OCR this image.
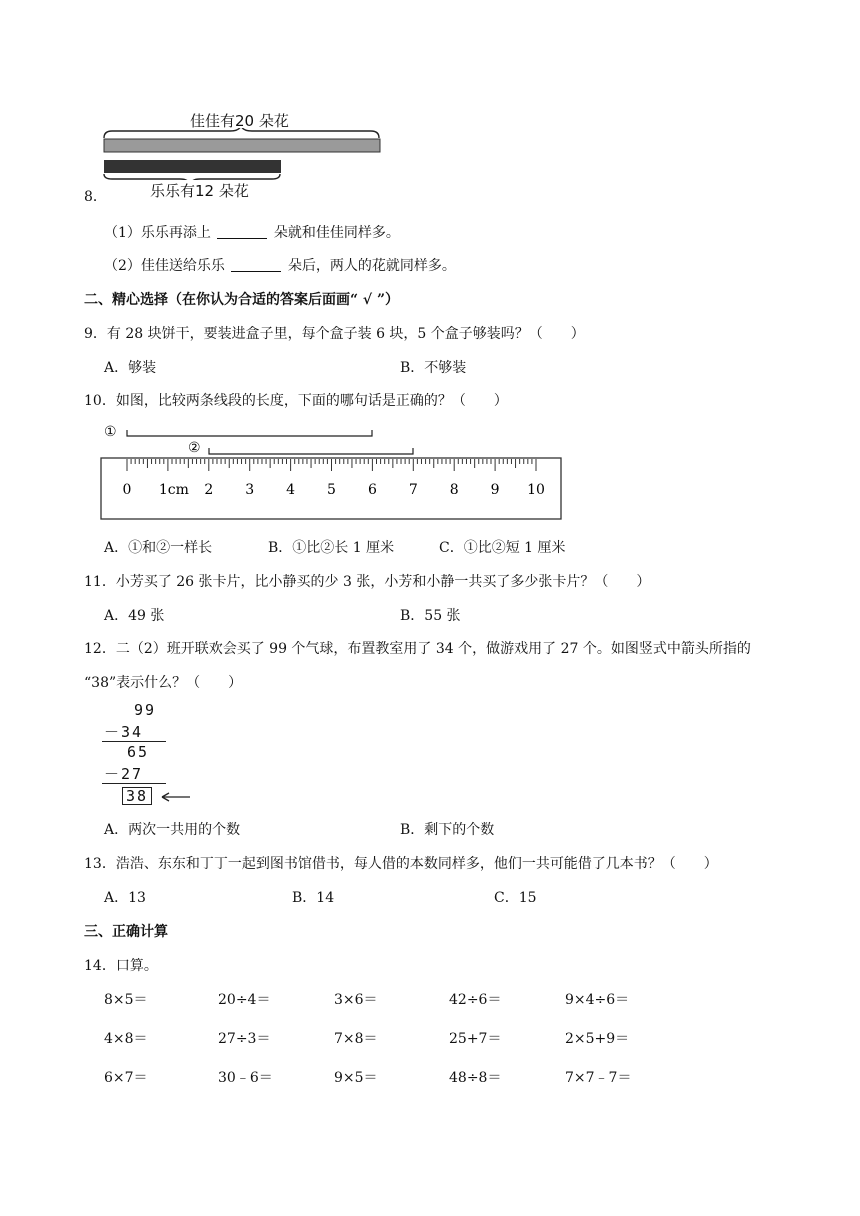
佳佳有20 朵花
乐乐有12 朵花
8．
（1）乐乐再添上	朵就和佳佳同样多。
（2）佳佳送给乐乐	朵后，两人的花就同样多。
二、精心选择（在你认为合适的答案后面画“ √ ”）
9．有 28 块饼干，要装进盒子里，每个盒子装 6 块，5 个盒子够装吗？（　　）
A．够装	B．不够装
10．如图，比较两条线段的长度，下面的哪句话是正确的？（　　）
①
②
0 1cm 2 3 4 5 6 7 8 9 10
A．①和②一样长	B．①比②长 1 厘米	C．①比②短 1 厘米
11．小芳买了 26 张卡片，比小静买的少 3 张，小芳和小静一共买了多少张卡片？（　　）
A．49 张	B．55 张
12．二（2）班开联欢会买了 99 个气球，布置教室用了 34 个，做游戏用了 27 个。如图竖式中箭头所指的
“38”表示什么？（　　）
99
－34
65
－27
38
A．两次一共用的个数	B．剩下的个数
13．浩浩、东东和丁丁一起到图书馆借书，每人借的本数同样多，他们一共可能借了几本书？（　　）
A．13	B．14	C．15
三、正确计算
14．口算。
8×5＝	20÷4＝	3×6＝	42÷6＝	9×4÷6＝
4×8＝	27÷3＝	7×8＝	25+7＝	2×5+9＝
6×7＝	30﹣6＝	9×5＝	48÷8＝	7×7﹣7＝
